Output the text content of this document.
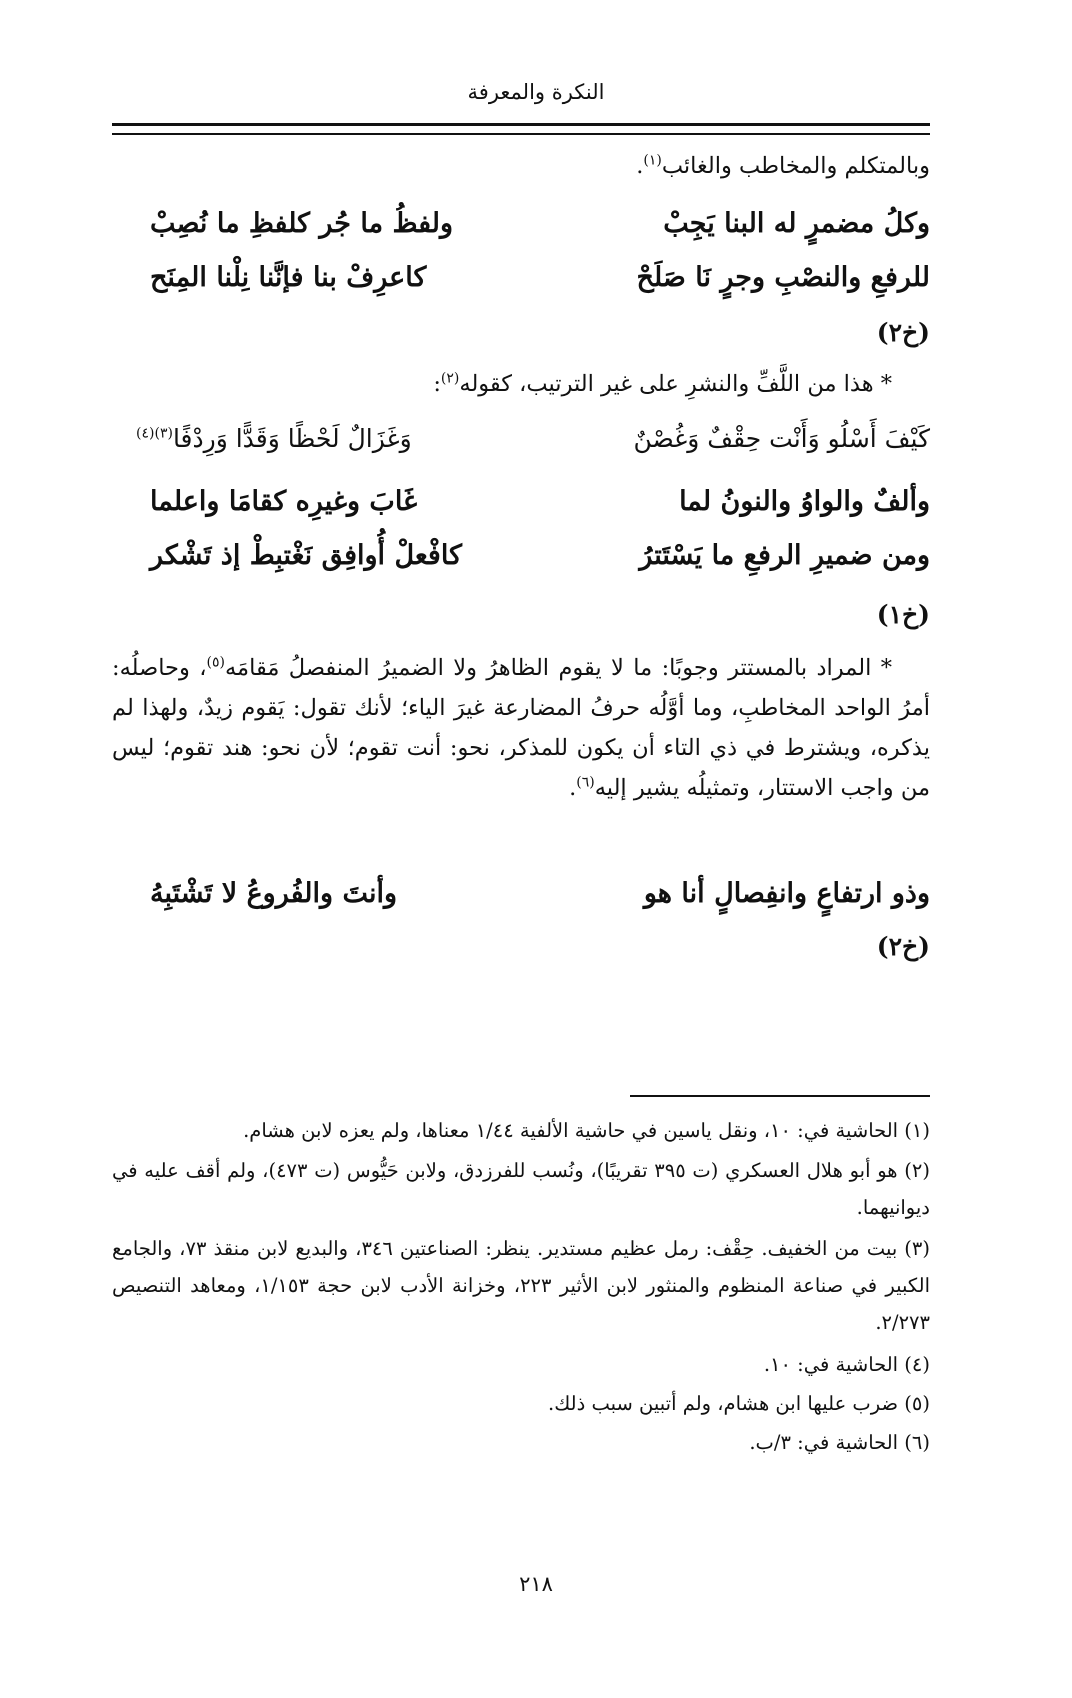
النكرة والمعرفة
وبالمتكلم والمخاطب والغائب$^{(١)}$.
وكلُ مضمرٍ له البنا يَجِبْ
ولفظُ ما جُر كلفظِ ما نُصِبْ
للرفعِ والنصْبِ وجرٍ نَا صَلَحْ
كاعرِفْ بنا فإنَّنا نِلْنا المِنَح
(خ٢)
* هذا من اللَّفِّ والنشرِ على غير الترتيب، كقوله$^{(٢)}$:
كَيْفَ أَسْلُو وَأَنْت حِقْفٌ وَغُصْنٌ
وَغَزَالٌ لَحْظًا وَقَدًّا وَرِدْفًا$^{(٣)(٤)}$
وألفٌ والواوُ والنونُ لما
غَابَ وغيرِه كقامَا واعلما
ومن ضميرِ الرفعِ ما يَسْتَترُ
كافْعلْ أُوافِق نَغْتبِطْ إذ تَشْكر
(خ١)
* المراد بالمستتر وجوبًا: ما لا يقوم الظاهرُ ولا الضميرُ المنفصلُ مَقامَه$^{(٥)}$، وحاصلُه: أمرُ الواحد المخاطبِ، وما أوَّلُه حرفُ المضارعة غيرَ الياء؛ لأنك تقول: يَقوم زيدٌ، ولهذا لم يذكره، ويشترط في ذي التاء أن يكون للمذكر، نحو: أنت تقوم؛ لأن نحو: هند تقوم؛ ليس من واجب الاستتار، وتمثيلُه يشير إليه$^{(٦)}$.
وذو ارتفاعٍ وانفِصالٍ أنا هو
وأنتَ والفُروعُ لا تَشْتَبِهُ
(خ٢)
(١) الحاشية في: ١٠، ونقل ياسين في حاشية الألفية ١/٤٤ معناها، ولم يعزه لابن هشام.
(٢) هو أبو هلال العسكري (ت ٣٩٥ تقريبًا)، ونُسب للفرزدق، ولابن حَيُّوس (ت ٤٧٣)، ولم أقف عليه في ديوانيهما.
(٣) بيت من الخفيف. حِقْف: رمل عظيم مستدير. ينظر: الصناعتين ٣٤٦، والبديع لابن منقذ ٧٣، والجامع الكبير في صناعة المنظوم والمنثور لابن الأثير ٢٢٣، وخزانة الأدب لابن حجة ١/١٥٣، ومعاهد التنصيص ٢/٢٧٣.
(٤) الحاشية في: ١٠.
(٥) ضرب عليها ابن هشام، ولم أتبين سبب ذلك.
(٦) الحاشية في: ٣/ب.
٢١٨
